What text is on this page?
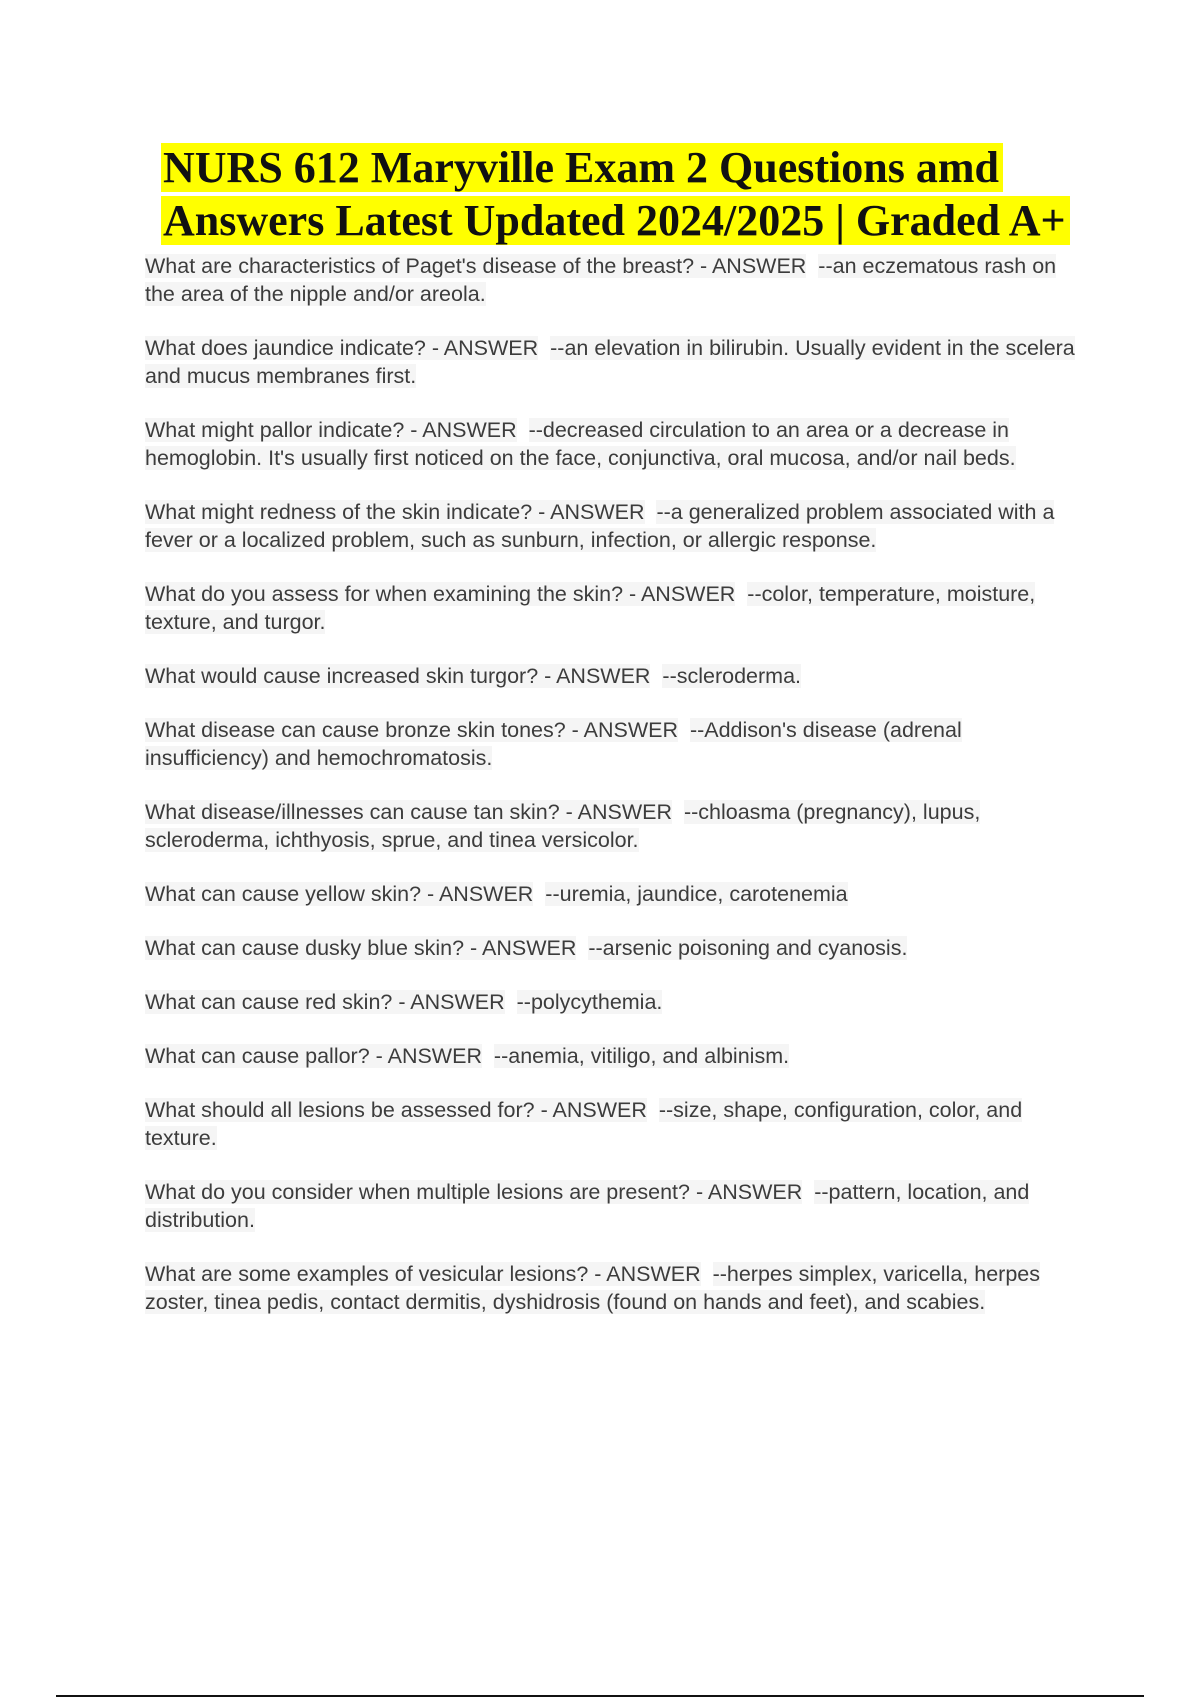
NURS 612 Maryville Exam 2 Questions amd Answers Latest Updated 2024/2025 | Graded A+

What are characteristics of Paget's disease of the breast? - ANSWER --an eczematous rash on the area of the nipple and/or areola.

What does jaundice indicate? - ANSWER --an elevation in bilirubin. Usually evident in the scelera and mucus membranes first.

What might pallor indicate? - ANSWER --decreased circulation to an area or a decrease in hemoglobin. It's usually first noticed on the face, conjunctiva, oral mucosa, and/or nail beds.

What might redness of the skin indicate? - ANSWER --a generalized problem associated with a fever or a localized problem, such as sunburn, infection, or allergic response.

What do you assess for when examining the skin? - ANSWER --color, temperature, moisture, texture, and turgor.

What would cause increased skin turgor? - ANSWER --scleroderma.

What disease can cause bronze skin tones? - ANSWER --Addison's disease (adrenal insufficiency) and hemochromatosis.

What disease/illnesses can cause tan skin? - ANSWER --chloasma (pregnancy), lupus, scleroderma, ichthyosis, sprue, and tinea versicolor.

What can cause yellow skin? - ANSWER --uremia, jaundice, carotenemia

What can cause dusky blue skin? - ANSWER --arsenic poisoning and cyanosis.

What can cause red skin? - ANSWER --polycythemia.

What can cause pallor? - ANSWER --anemia, vitiligo, and albinism.

What should all lesions be assessed for? - ANSWER --size, shape, configuration, color, and texture.

What do you consider when multiple lesions are present? - ANSWER --pattern, location, and distribution.

What are some examples of vesicular lesions? - ANSWER --herpes simplex, varicella, herpes zoster, tinea pedis, contact dermitis, dyshidrosis (found on hands and feet), and scabies.
